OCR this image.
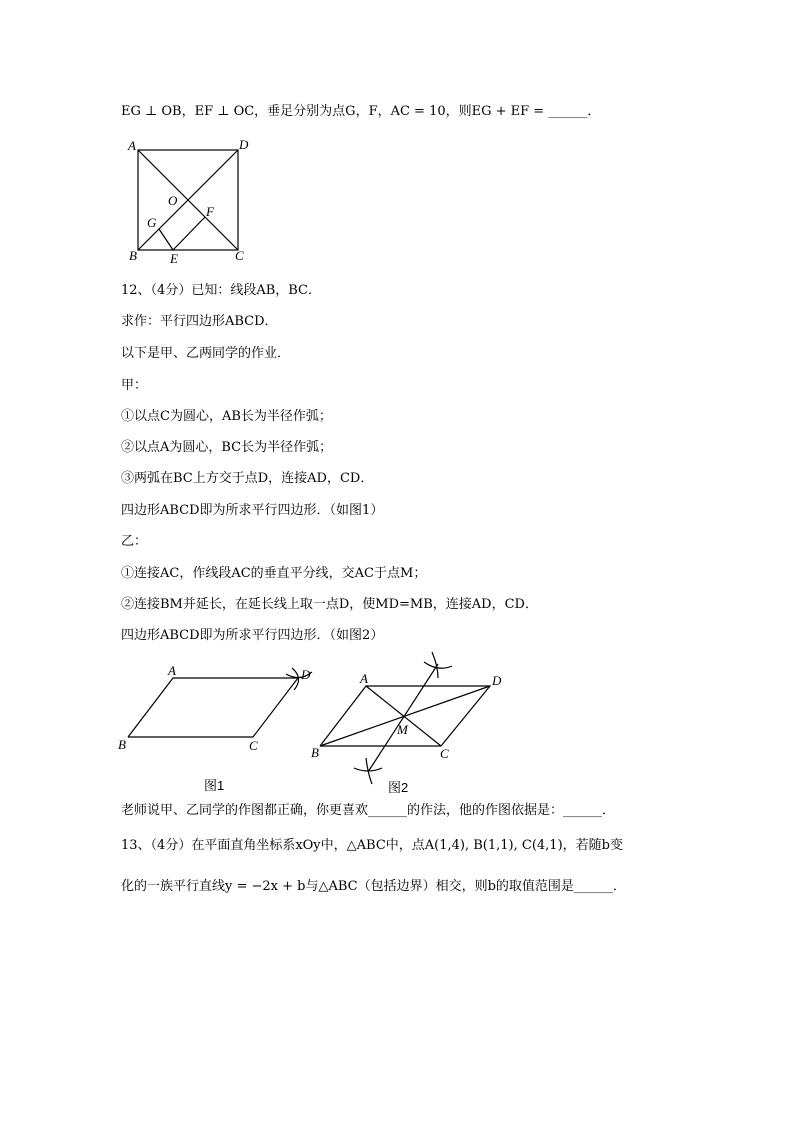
EG ⊥ OB，EF ⊥ OC，垂足分别为点G，F，AC = 10，则EG + EF = ______．
A	D
B	C
O
F
G
E
12、（4分）已知：线段AB，BC．
求作：平行四边形ABCD．
以下是甲、乙两同学的作业．
甲：
①以点C为圆心，AB长为半径作弧；
②以点A为圆心，BC长为半径作弧；
③两弧在BC上方交于点D，连接AD，CD．
四边形ABCD即为所求平行四边形．（如图1）
乙：
①连接AC，作线段AC的垂直平分线，交AC于点M；
②连接BM并延长，在延长线上取一点D，使MD=MB，连接AD，CD．
四边形ABCD即为所求平行四边形．（如图2）
A	D
B	C
图1
A	D
B	C
M
图2
老师说甲、乙同学的作图都正确，你更喜欢______的作法，他的作图依据是：______．
13、（4分）在平面直角坐标系xOy中，△ABC中，点A(1,4), B(1,1), C(4,1)，若随b变
化的一族平行直线y = −2x + b与△ABC（包括边界）相交，则b的取值范围是______．
